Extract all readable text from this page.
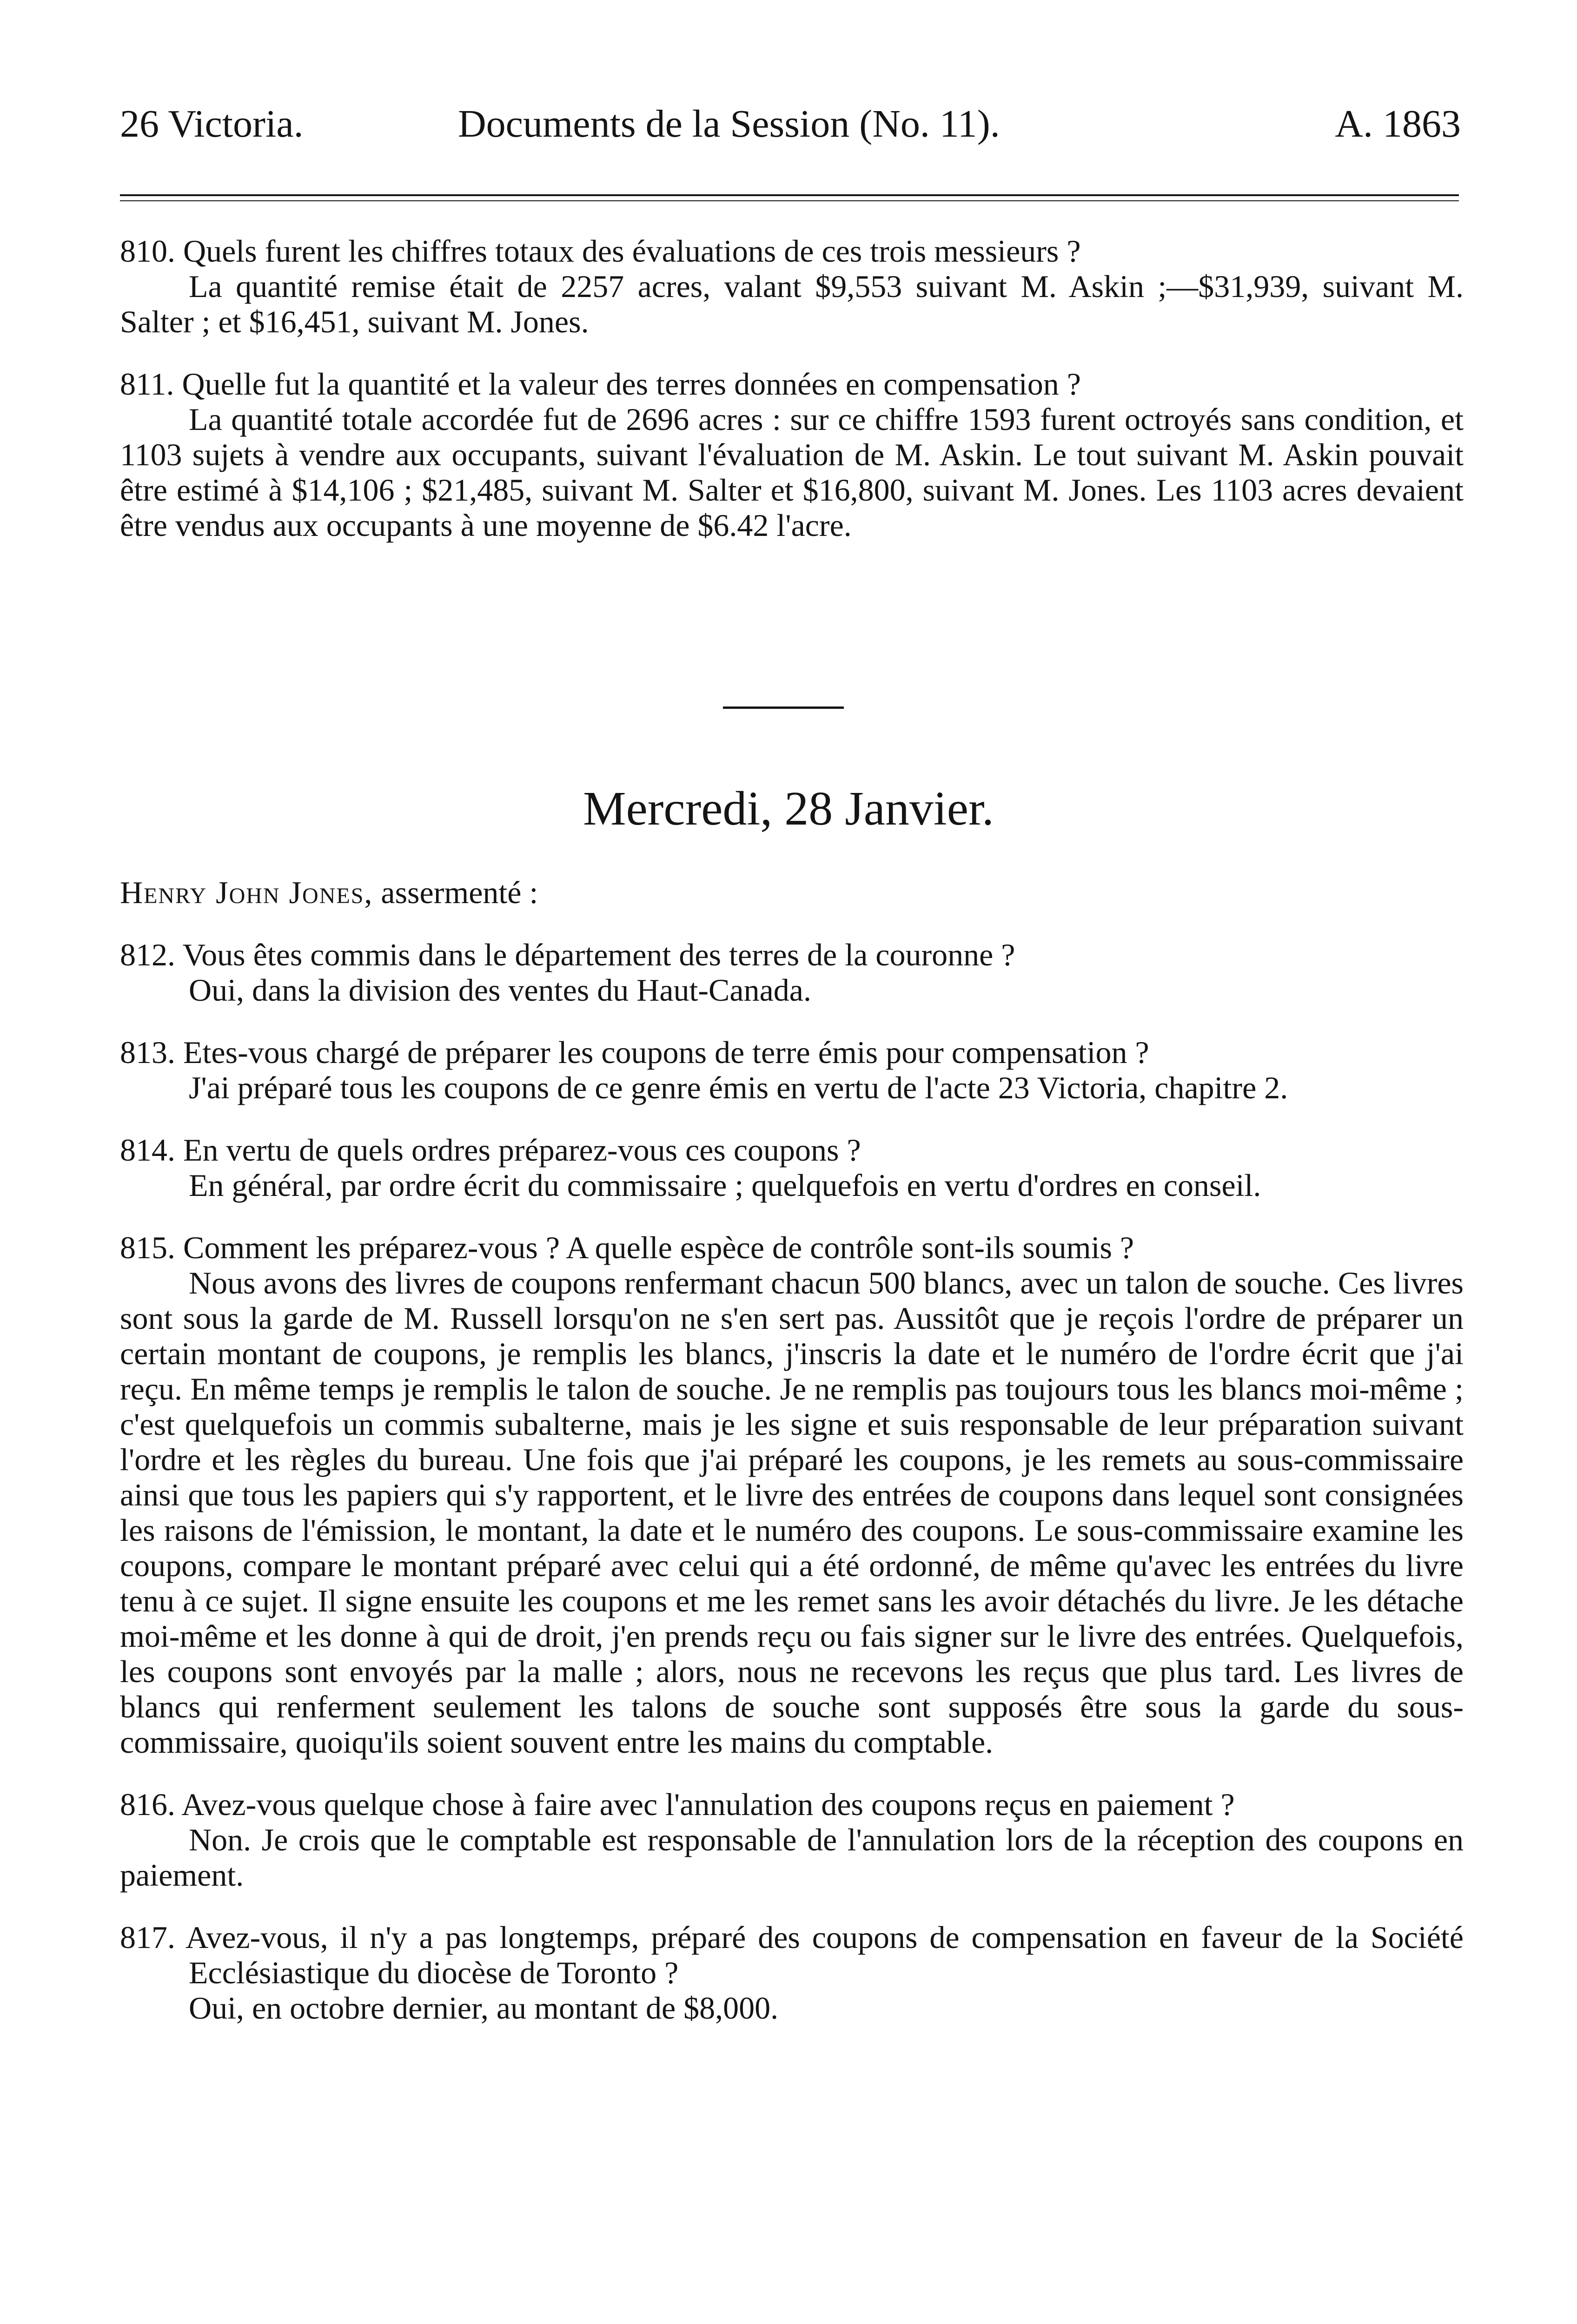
26 Victoria.	Documents de la Session (No. 11).	A. 1863

810. Quels furent les chiffres totaux des évaluations de ces trois messieurs ?

La quantité remise était de 2257 acres, valant $9,553 suivant M. Askin ;—$31,939, suivant M. Salter ; et $16,451, suivant M. Jones.

811. Quelle fut la quantité et la valeur des terres données en compensation ?

La quantité totale accordée fut de 2696 acres : sur ce chiffre 1593 furent octroyés sans condition, et 1103 sujets à vendre aux occupants, suivant l'évaluation de M. Askin. Le tout suivant M. Askin pouvait être estimé à $14,106 ; $21,485, suivant M. Salter et $16,800, suivant M. Jones. Les 1103 acres devaient être vendus aux occupants à une moyenne de $6.42 l'acre.

Mercredi, 28 Janvier.

Henry John Jones, assermenté :

812. Vous êtes commis dans le département des terres de la couronne ?

Oui, dans la division des ventes du Haut-Canada.

813. Etes-vous chargé de préparer les coupons de terre émis pour compensation ?

J'ai préparé tous les coupons de ce genre émis en vertu de l'acte 23 Victoria, chapitre 2.

814. En vertu de quels ordres préparez-vous ces coupons ?

En général, par ordre écrit du commissaire ; quelquefois en vertu d'ordres en conseil.

815. Comment les préparez-vous ? A quelle espèce de contrôle sont-ils soumis ?

Nous avons des livres de coupons renfermant chacun 500 blancs, avec un talon de souche. Ces livres sont sous la garde de M. Russell lorsqu'on ne s'en sert pas. Aussitôt que je reçois l'ordre de préparer un certain montant de coupons, je remplis les blancs, j'inscris la date et le numéro de l'ordre écrit que j'ai reçu. En même temps je remplis le talon de souche. Je ne remplis pas toujours tous les blancs moi-même ; c'est quelquefois un commis subalterne, mais je les signe et suis responsable de leur préparation suivant l'ordre et les règles du bureau. Une fois que j'ai préparé les coupons, je les remets au sous-commissaire ainsi que tous les papiers qui s'y rapportent, et le livre des entrées de coupons dans lequel sont consignées les raisons de l'émission, le montant, la date et le numéro des coupons. Le sous-commissaire examine les coupons, compare le montant préparé avec celui qui a été ordonné, de même qu'avec les entrées du livre tenu à ce sujet. Il signe ensuite les coupons et me les remet sans les avoir détachés du livre. Je les détache moi-même et les donne à qui de droit, j'en prends reçu ou fais signer sur le livre des entrées. Quelquefois, les coupons sont envoyés par la malle ; alors, nous ne recevons les reçus que plus tard. Les livres de blancs qui renferment seulement les talons de souche sont supposés être sous la garde du sous-commissaire, quoiqu'ils soient souvent entre les mains du comptable.

816. Avez-vous quelque chose à faire avec l'annulation des coupons reçus en paiement ?

Non. Je crois que le comptable est responsable de l'annulation lors de la réception des coupons en paiement.

817. Avez-vous, il n'y a pas longtemps, préparé des coupons de compensation en faveur de la Société Ecclésiastique du diocèse de Toronto ?

Oui, en octobre dernier, au montant de $8,000.
